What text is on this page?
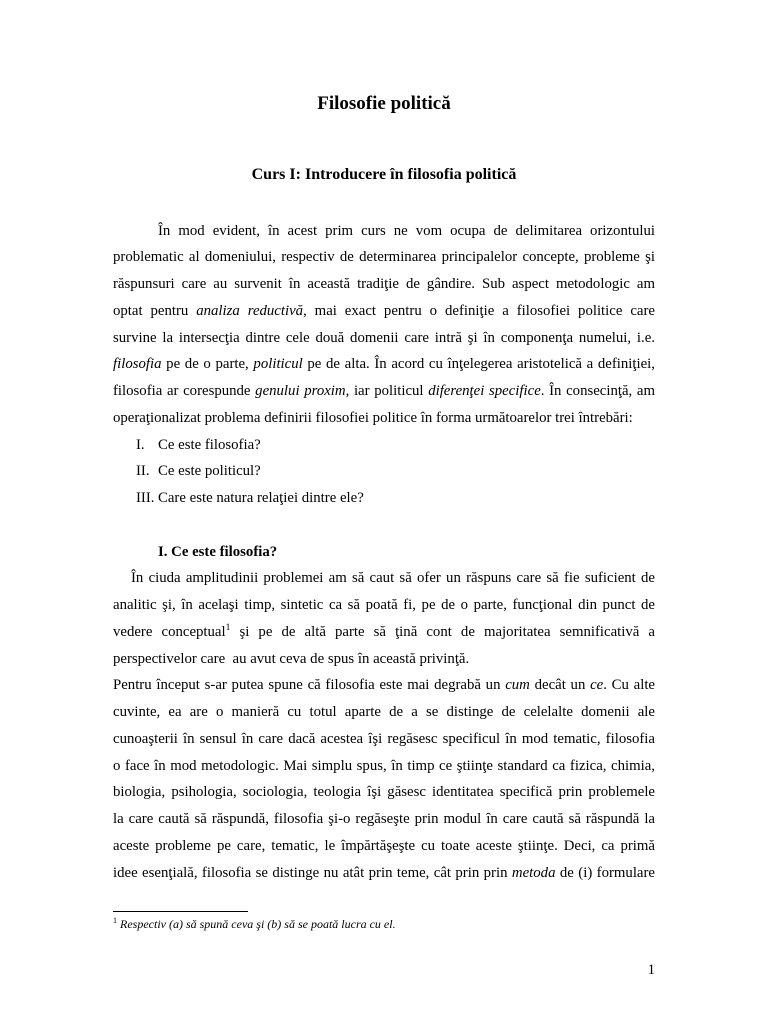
Filosofie politică
Curs I: Introducere în filosofia politică
În mod evident, în acest prim curs ne vom ocupa de delimitarea orizontului
problematic al domeniului, respectiv de determinarea principalelor concepte, probleme şi
răspunsuri care au survenit în această tradiţie de gândire. Sub aspect metodologic am
optat pentru analiza reductivă, mai exact pentru o definiţie a filosofiei politice care
survine la intersecţia dintre cele două domenii care intră şi în componenţa numelui, i.e.
filosofia pe de o parte, politicul pe de alta. În acord cu înţelegerea aristotelică a definiţiei,
filosofia ar corespunde genului proxim, iar politicul diferenţei specifice. În consecinţă, am
operaţionalizat problema definirii filosofiei politice în forma următoarelor trei întrebări:
I. Ce este filosofia?
II. Ce este politicul?
III. Care este natura relaţiei dintre ele?
I. Ce este filosofia?
În ciuda amplitudinii problemei am să caut să ofer un răspuns care să fie suficient de
analitic şi, în acelaşi timp, sintetic ca să poată fi, pe de o parte, funcţional din punct de
vedere conceptual$^1$ şi pe de altă parte să ţină cont de majoritatea semnificativă a
perspectivelor care  au avut ceva de spus în această privinţă.
Pentru început s-ar putea spune că filosofia este mai degrabă un cum decât un ce. Cu alte
cuvinte, ea are o manieră cu totul aparte de a se distinge de celelalte domenii ale
cunoaşterii în sensul în care dacă acestea îşi regăsesc specificul în mod tematic, filosofia
o face în mod metodologic. Mai simplu spus, în timp ce ştiinţe standard ca fizica, chimia,
biologia, psihologia, sociologia, teologia îşi găsesc identitatea specifică prin problemele
la care caută să răspundă, filosofia şi-o regăseşte prin modul în care caută să răspundă la
aceste probleme pe care, tematic, le împărtăşeşte cu toate aceste ştiinţe. Deci, ca primă
idee esenţială, filosofia se distinge nu atât prin teme, cât prin prin metoda de (i) formulare
$^1$ Respectiv (a) să spună ceva şi (b) să se poată lucra cu el.
1
